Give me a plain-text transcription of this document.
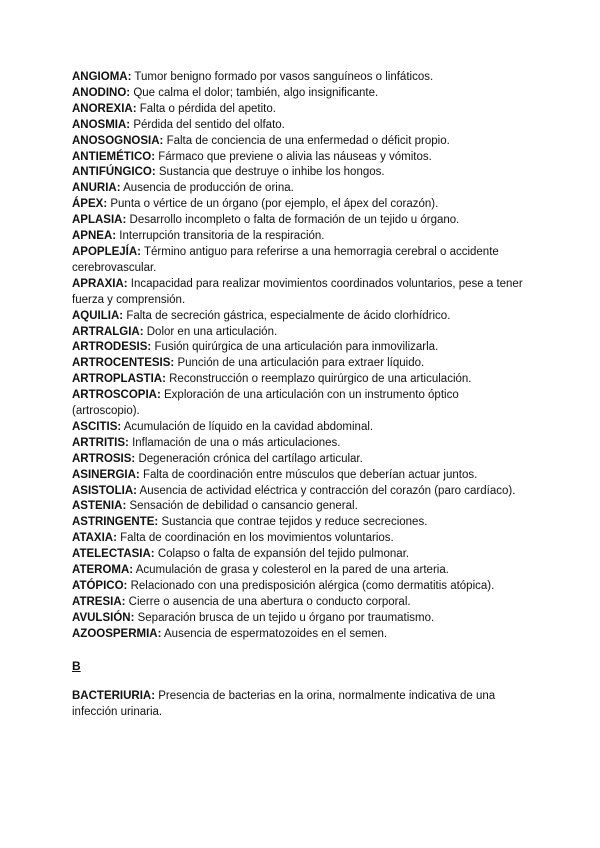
ANGIOMA: Tumor benigno formado por vasos sanguíneos o linfáticos.

ANODINO: Que calma el dolor; también, algo insignificante.

ANOREXIA: Falta o pérdida del apetito.

ANOSMIA: Pérdida del sentido del olfato.

ANOSOGNOSIA: Falta de conciencia de una enfermedad o déficit propio.

ANTIEMÉTICO: Fármaco que previene o alivia las náuseas y vómitos.

ANTIFÚNGICO: Sustancia que destruye o inhibe los hongos.

ANURIA: Ausencia de producción de orina.

ÁPEX: Punta o vértice de un órgano (por ejemplo, el ápex del corazón).

APLASIA: Desarrollo incompleto o falta de formación de un tejido u órgano.

APNEA: Interrupción transitoria de la respiración.

APOPLEJÍA: Término antiguo para referirse a una hemorragia cerebral o accidente cerebrovascular.

APRAXIA: Incapacidad para realizar movimientos coordinados voluntarios, pese a tener fuerza y comprensión.

AQUILIA: Falta de secreción gástrica, especialmente de ácido clorhídrico.

ARTRALGIA: Dolor en una articulación.

ARTRODESIS: Fusión quirúrgica de una articulación para inmovilizarla.

ARTROCENTESIS: Punción de una articulación para extraer líquido.

ARTROPLASTIA: Reconstrucción o reemplazo quirúrgico de una articulación.

ARTROSCOPIA: Exploración de una articulación con un instrumento óptico (artroscopio).

ASCITIS: Acumulación de líquido en la cavidad abdominal.

ARTRITIS: Inflamación de una o más articulaciones.

ARTROSIS: Degeneración crónica del cartílago articular.

ASINERGIA: Falta de coordinación entre músculos que deberían actuar juntos.

ASISTOLIA: Ausencia de actividad eléctrica y contracción del corazón (paro cardíaco).

ASTENIA: Sensación de debilidad o cansancio general.

ASTRINGENTE: Sustancia que contrae tejidos y reduce secreciones.

ATAXIA: Falta de coordinación en los movimientos voluntarios.

ATELECTASIA: Colapso o falta de expansión del tejido pulmonar.

ATEROMA: Acumulación de grasa y colesterol en la pared de una arteria.

ATÓPICO: Relacionado con una predisposición alérgica (como dermatitis atópica).

ATRESIA: Cierre o ausencia de una abertura o conducto corporal.

AVULSIÓN: Separación brusca de un tejido u órgano por traumatismo.

AZOOSPERMIA: Ausencia de espermatozoides en el semen.

B

BACTERIURIA: Presencia de bacterias en la orina, normalmente indicativa de una infección urinaria.
